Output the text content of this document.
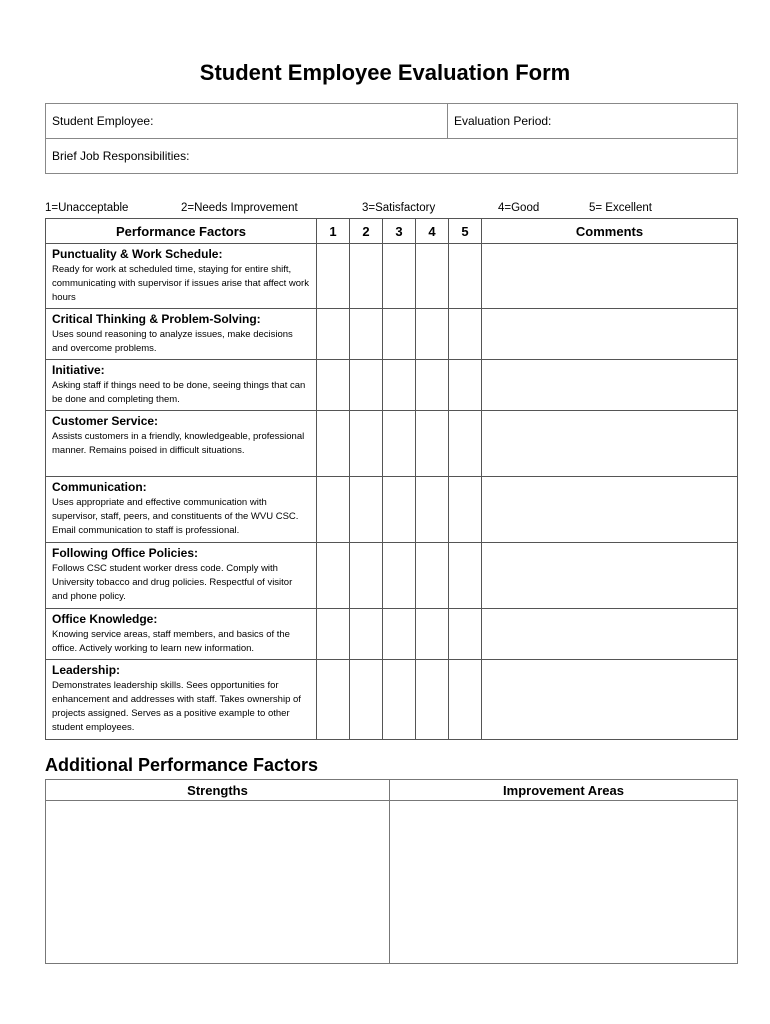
Student Employee Evaluation Form
Student Employee:	Evaluation Period:
Brief Job Responsibilities:
1=Unacceptable	2=Needs Improvement	3=Satisfactory	4=Good	5= Excellent
Performance Factors	1	2	3	4	5	Comments

Punctuality & Work Schedule:
Ready for work at scheduled time, staying for entire shift, communicating with supervisor if issues arise that affect work hours						

Critical Thinking & Problem-Solving:
Uses sound reasoning to analyze issues, make decisions and overcome problems.						

Initiative:
Asking staff if things need to be done, seeing things that can be done and completing them.						

Customer Service:
Assists customers in a friendly, knowledgeable, professional manner. Remains poised in difficult situations.						

Communication:
Uses appropriate and effective communication with supervisor, staff, peers, and constituents of the WVU CSC. Email communication to staff is professional.						

Following Office Policies:
Follows CSC student worker dress code. Comply with University tobacco and drug policies. Respectful of visitor and phone policy.						

Office Knowledge:
Knowing service areas, staff members, and basics of the office. Actively working to learn new information.						

Leadership:
Demonstrates leadership skills. Sees opportunities for enhancement and addresses with staff. Takes ownership of projects assigned. Serves as a positive example to other student employees.						

Additional Performance Factors
Strengths	Improvement Areas
